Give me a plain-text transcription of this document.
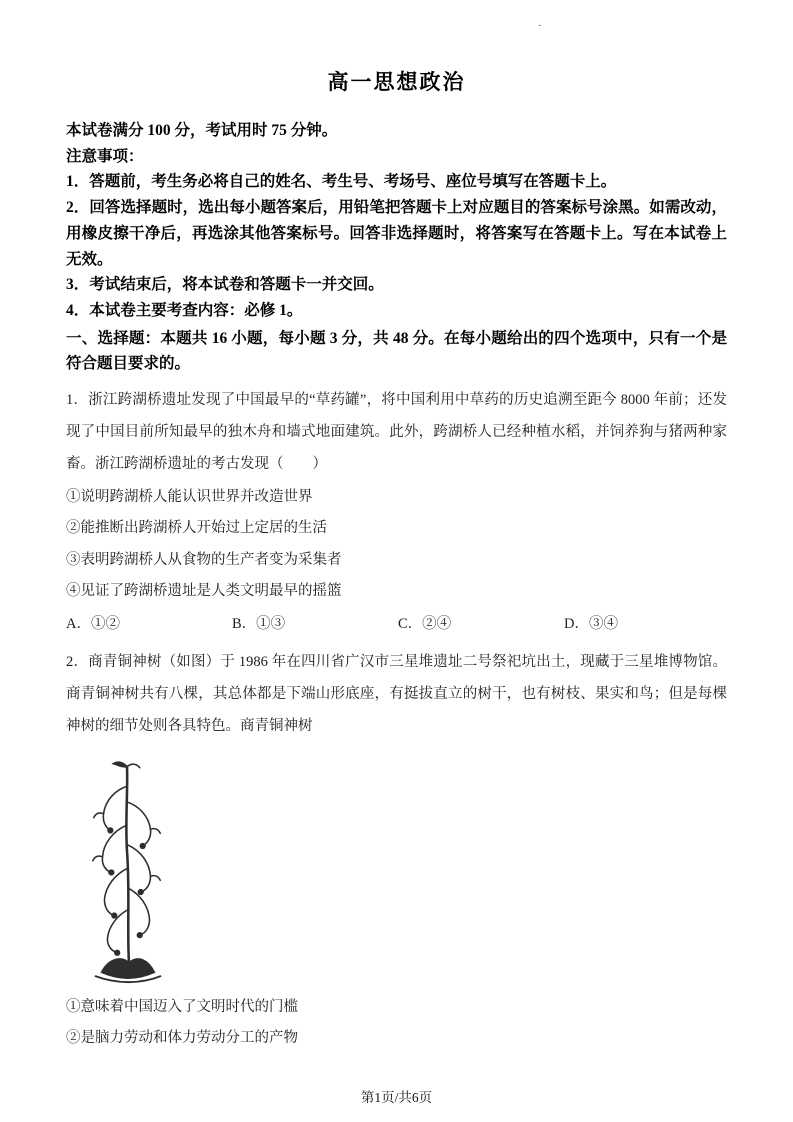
·
高一思想政治
本试卷满分 100 分，考试用时 75 分钟。
注意事项：
1．答题前，考生务必将自己的姓名、考生号、考场号、座位号填写在答题卡上。
2．回答选择题时，选出每小题答案后，用铅笔把答题卡上对应题目的答案标号涂黑。如需改动，用橡皮擦干净后，再选涂其他答案标号。回答非选择题时，将答案写在答题卡上。写在本试卷上无效。
3．考试结束后，将本试卷和答题卡一并交回。
4．本试卷主要考查内容：必修 1。
一、选择题：本题共 16 小题，每小题 3 分，共 48 分。在每小题给出的四个选项中，只有一个是符合题目要求的。
1．浙江跨湖桥遗址发现了中国最早的“草药罐”，将中国利用中草药的历史追溯至距今 8000 年前；还发现了中国目前所知最早的独木舟和墙式地面建筑。此外，跨湖桥人已经种植水稻，并饲养狗与猪两种家畜。浙江跨湖桥遗址的考古发现（　　）
①说明跨湖桥人能认识世界并改造世界
②能推断出跨湖桥人开始过上定居的生活
③表明跨湖桥人从食物的生产者变为采集者
④见证了跨湖桥遗址是人类文明最早的摇篮
A．①②	B．①③	C．②④	D．③④
2．商青铜神树（如图）于 1986 年在四川省广汉市三星堆遗址二号祭祀坑出土，现藏于三星堆博物馆。商青铜神树共有八棵，其总体都是下端山形底座，有挺拔直立的树干，也有树枝、果实和鸟；但是每棵神树的细节处则各具特色。商青铜神树
①意味着中国迈入了文明时代的门槛
②是脑力劳动和体力劳动分工的产物
第1页/共6页
